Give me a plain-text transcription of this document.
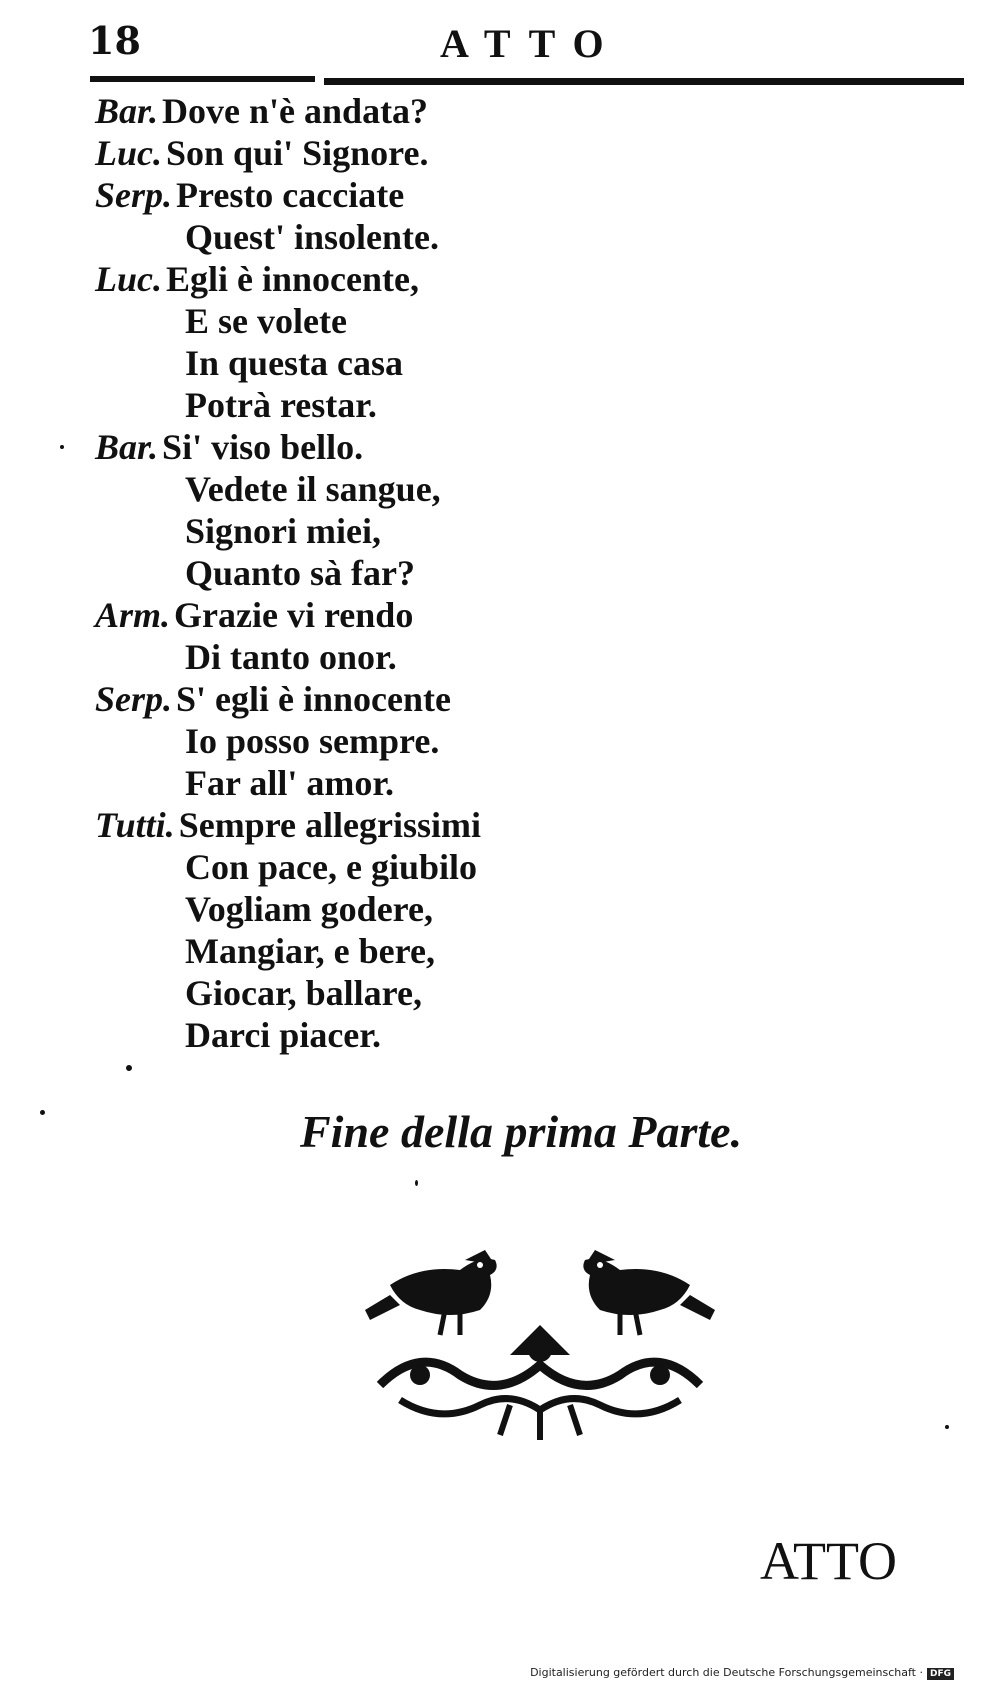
18	ATTO
Bar. Dove n'è andata?
Luc. Son qui' Signore.
Serp. Presto cacciate
Quest' insolente.
Luc. Egli è innocente,
E se volete
In questa casa
Potrà restar.
Bar. Si' viso bello.
Vedete il sangue,
Signori miei,
Quanto sà far?
Arm. Grazie vi rendo
Di tanto onor.
Serp. S' egli è innocente
Io posso sempre.
Far all' amor.
Tutti. Sempre allegrissimi
Con pace, e giubilo
Vogliam godere,
Mangiar, e bere,
Giocar, ballare,
Darci piacer.
Fine della prima Parte.
ATTO
Digitalisierung gefördert durch die Deutsche Forschungsgemeinschaft · DFG
